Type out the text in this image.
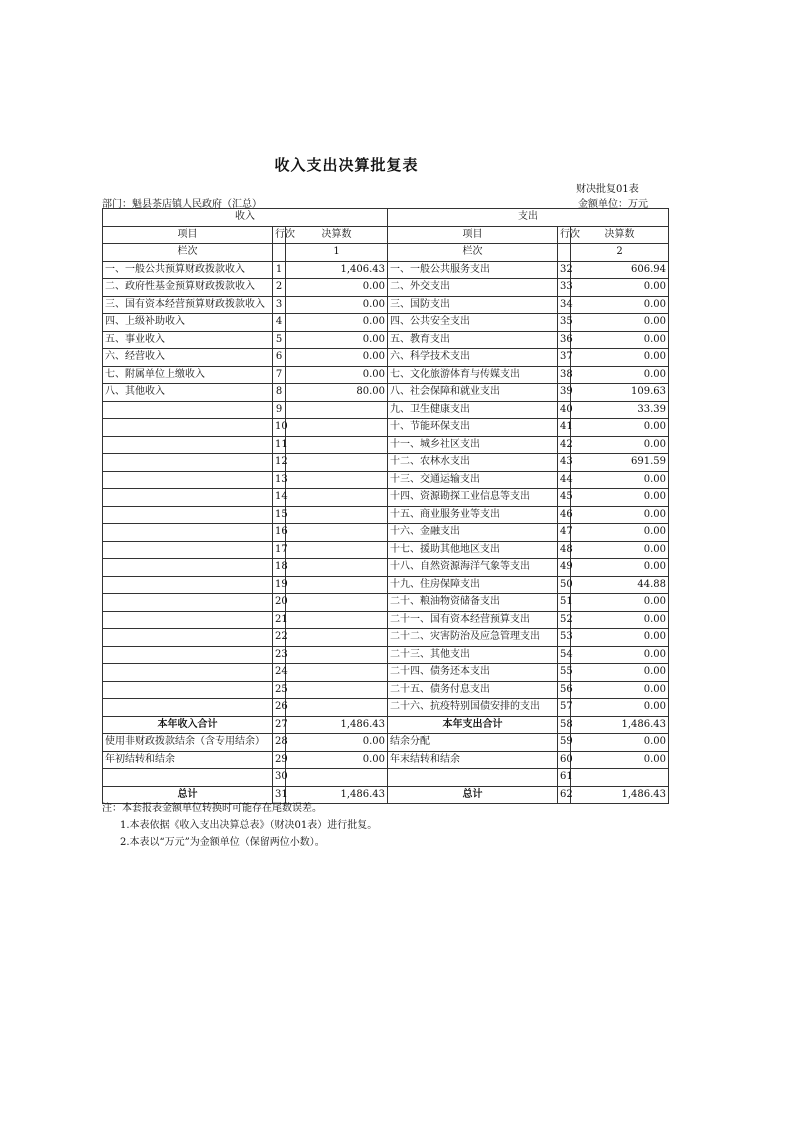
收入支出决算批复表
财决批复01表
部门：魁县茶店镇人民政府（汇总）	金额单位：万元
收入			支出		
项目	行次	决算数	项目	行次	决算数
栏次		1	栏次		2
一、一般公共预算财政拨款收入	1	1,406.43	一、一般公共服务支出	32	606.94
二、政府性基金预算财政拨款收入	2	0.00	二、外交支出	33	0.00
三、国有资本经营预算财政拨款收入	3	0.00	三、国防支出	34	0.00
四、上级补助收入	4	0.00	四、公共安全支出	35	0.00
五、事业收入	5	0.00	五、教育支出	36	0.00
六、经营收入	6	0.00	六、科学技术支出	37	0.00
七、附属单位上缴收入	7	0.00	七、文化旅游体育与传媒支出	38	0.00
八、其他收入	8	80.00	八、社会保障和就业支出	39	109.63
	9		九、卫生健康支出	40	33.39
	10		十、节能环保支出	41	0.00
	11		十一、城乡社区支出	42	0.00
	12		十二、农林水支出	43	691.59
	13		十三、交通运输支出	44	0.00
	14		十四、资源勘探工业信息等支出	45	0.00
	15		十五、商业服务业等支出	46	0.00
	16		十六、金融支出	47	0.00
	17		十七、援助其他地区支出	48	0.00
	18		十八、自然资源海洋气象等支出	49	0.00
	19		十九、住房保障支出	50	44.88
	20		二十、粮油物资储备支出	51	0.00
	21		二十一、国有资本经营预算支出	52	0.00
	22		二十二、灾害防治及应急管理支出	53	0.00
	23		二十三、其他支出	54	0.00
	24		二十四、债务还本支出	55	0.00
	25		二十五、债务付息支出	56	0.00
	26		二十六、抗疫特别国债安排的支出	57	0.00
本年收入合计	27	1,486.43	本年支出合计	58	1,486.43
使用非财政拨款结余（含专用结余）	28	0.00	结余分配	59	0.00
年初结转和结余	29	0.00	年末结转和结余	60	0.00
	30			61	
总计	31	1,486.43	总计	62	1,486.43
注：本套报表金额单位转换时可能存在尾数误差。
1.本表依据《收入支出决算总表》（财决01表）进行批复。
2.本表以“万元”为金额单位（保留两位小数）。
